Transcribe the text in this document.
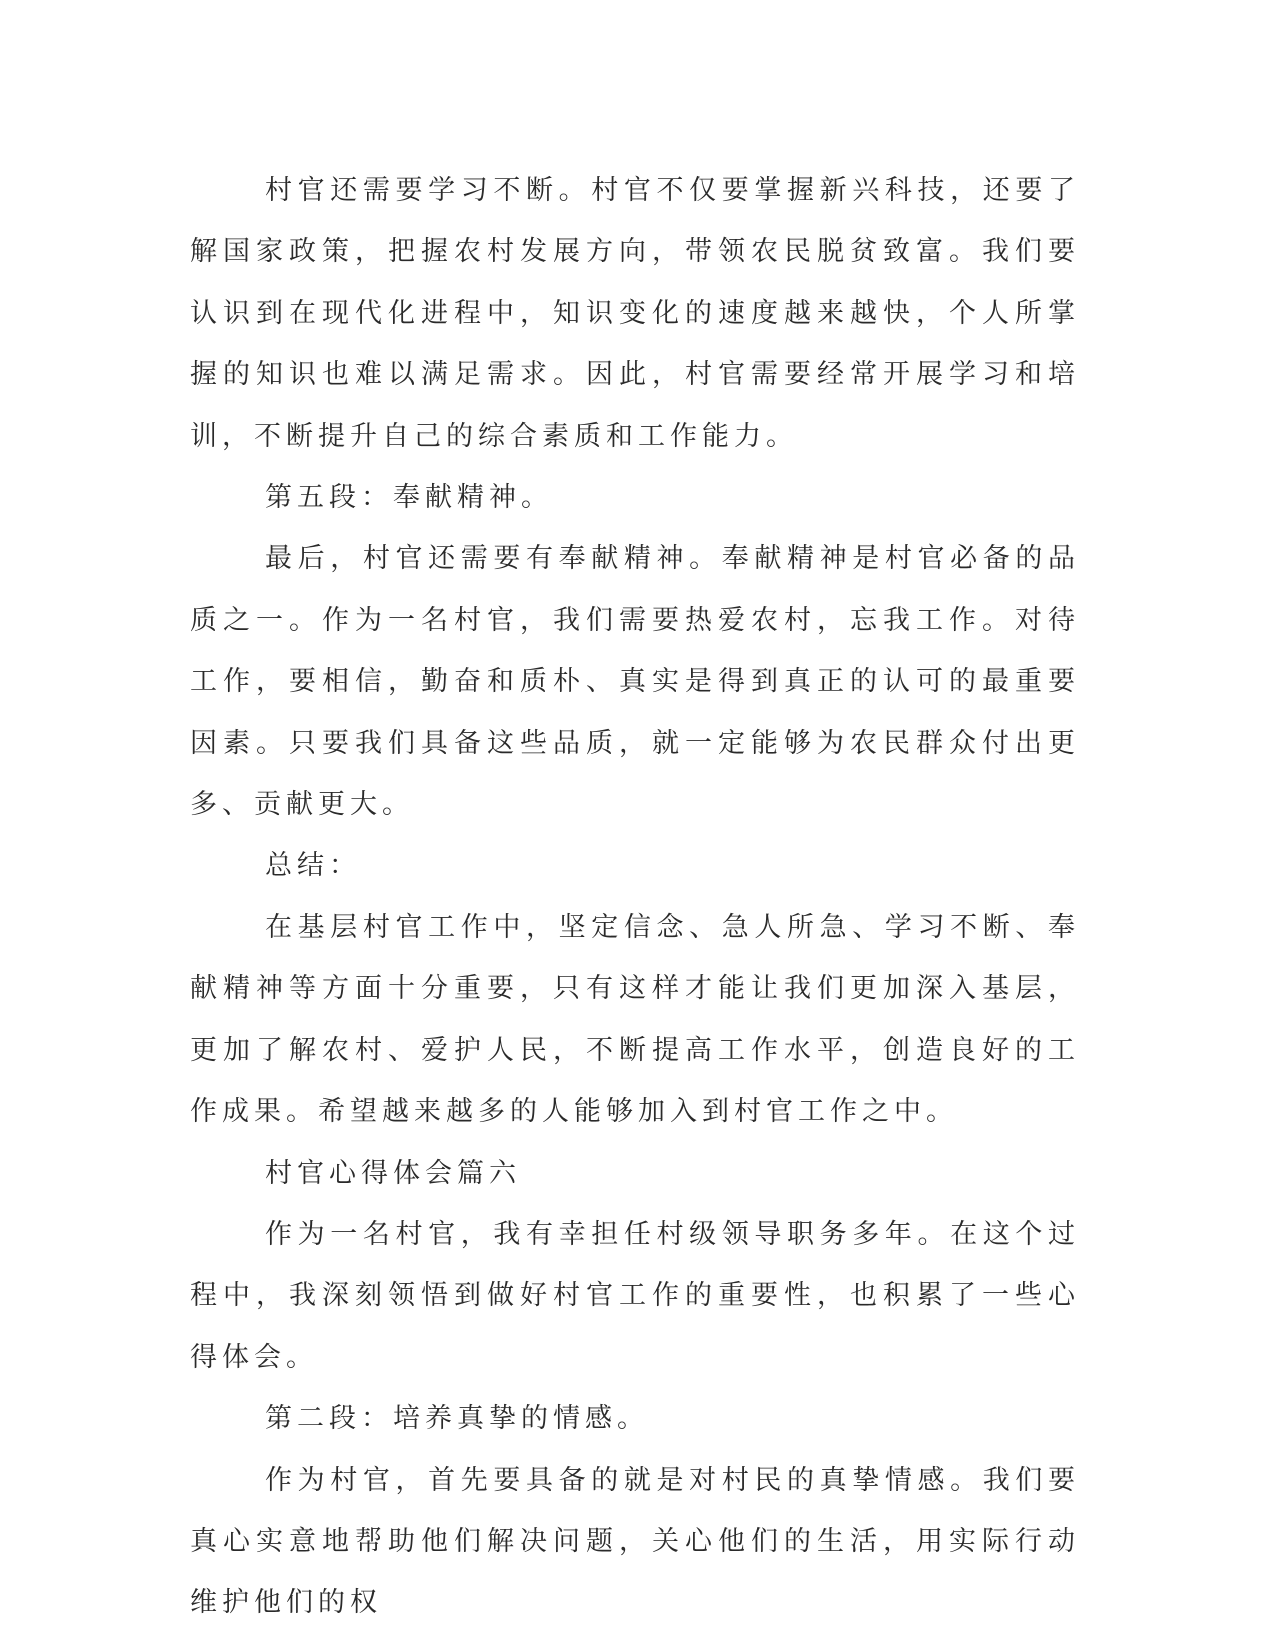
村官还需要学习不断。村官不仅要掌握新兴科技，还要了解国家政策，把握农村发展方向，带领农民脱贫致富。我们要认识到在现代化进程中，知识变化的速度越来越快，个人所掌握的知识也难以满足需求。因此，村官需要经常开展学习和培训，不断提升自己的综合素质和工作能力。

第五段：奉献精神。

最后，村官还需要有奉献精神。奉献精神是村官必备的品质之一。作为一名村官，我们需要热爱农村，忘我工作。对待工作，要相信，勤奋和质朴、真实是得到真正的认可的最重要因素。只要我们具备这些品质，就一定能够为农民群众付出更多、贡献更大。

总结：

在基层村官工作中，坚定信念、急人所急、学习不断、奉献精神等方面十分重要，只有这样才能让我们更加深入基层，更加了解农村、爱护人民，不断提高工作水平，创造良好的工作成果。希望越来越多的人能够加入到村官工作之中。

村官心得体会篇六

作为一名村官，我有幸担任村级领导职务多年。在这个过程中，我深刻领悟到做好村官工作的重要性，也积累了一些心得体会。

第二段：培养真挚的情感。

作为村官，首先要具备的就是对村民的真挚情感。我们要真心实意地帮助他们解决问题，关心他们的生活，用实际行动维护他们的权
